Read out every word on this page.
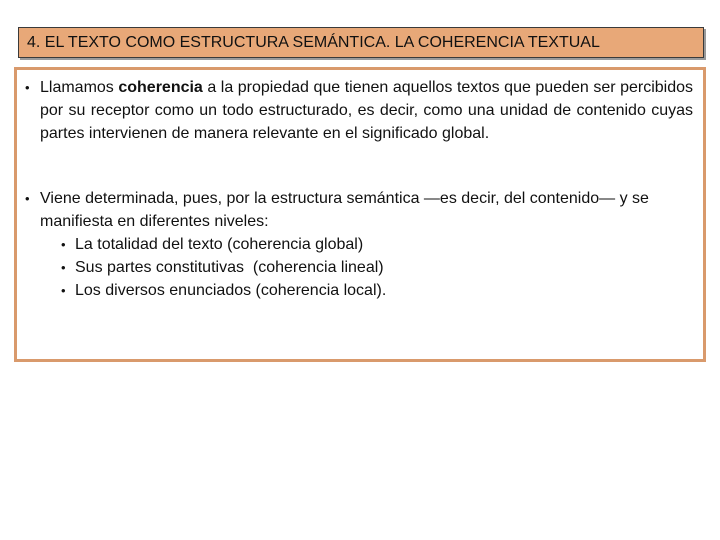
4. EL TEXTO COMO ESTRUCTURA SEMÁNTICA. LA COHERENCIA TEXTUAL
• Llamamos coherencia a la propiedad que tienen aquellos textos que pueden ser percibidos por su receptor como un todo estructurado, es decir, como una unidad de contenido cuyas partes intervienen de manera relevante en el significado global.
• Viene determinada, pues, por la estructura semántica —es decir, del contenido— y se manifiesta en diferentes niveles:
• La totalidad del texto (coherencia global)
• Sus partes constitutivas  (coherencia lineal)
• Los diversos enunciados (coherencia local).
